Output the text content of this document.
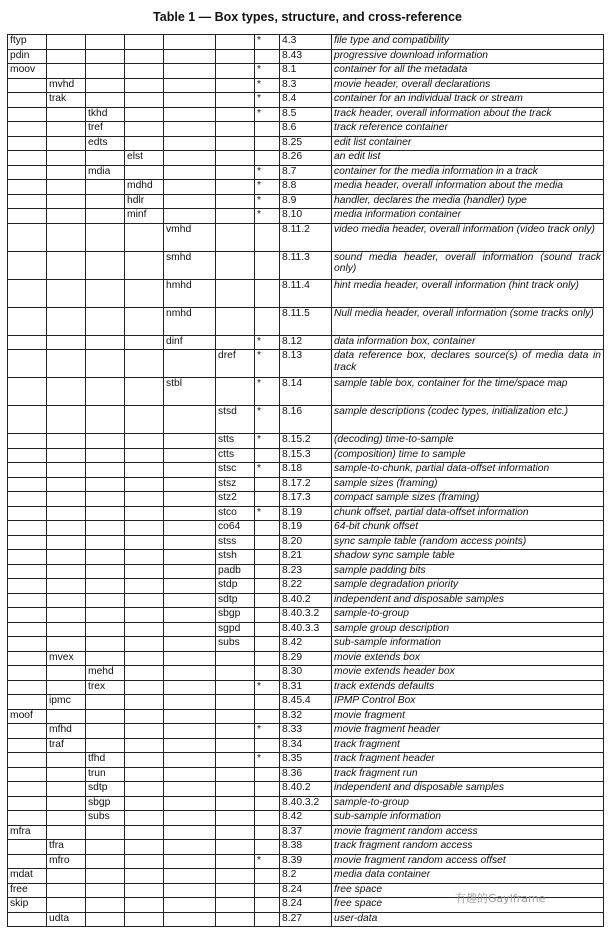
Table 1 — Box types, structure, and cross-reference
ftyp						*	4.3	file type and compatibility
pdin							8.43	progressive download information
moov						*	8.1	container for all the metadata
	mvhd					*	8.3	movie header, overall declarations
	trak					*	8.4	container for an individual track or stream
		tkhd				*	8.5	track header, overall information about the track
		tref					8.6	track reference container
		edts					8.25	edit list container
			elst				8.26	an edit list
		mdia				*	8.7	container for the media information in a track
			mdhd			*	8.8	media header, overall information about the media
			hdlr			*	8.9	handler, declares the media (handler) type
			minf			*	8.10	media information container
				vmhd			8.11.2	video media header, overall information (video track only)
				smhd			8.11.3	sound media header, overall information (sound track only)
				hmhd			8.11.4	hint media header, overall information (hint track only)
				nmhd			8.11.5	Null media header, overall information (some tracks only)
				dinf		*	8.12	data information box, container
					dref	*	8.13	data reference box, declares source(s) of media data in track
				stbl		*	8.14	sample table box, container for the time/space map
					stsd	*	8.16	sample descriptions (codec types, initialization etc.)
					stts	*	8.15.2	(decoding) time-to-sample
					ctts		8.15.3	(composition) time to sample
					stsc	*	8.18	sample-to-chunk, partial data-offset information
					stsz		8.17.2	sample sizes (framing)
					stz2		8.17.3	compact sample sizes (framing)
					stco	*	8.19	chunk offset, partial data-offset information
					co64		8.19	64-bit chunk offset
					stss		8.20	sync sample table (random access points)
					stsh		8.21	shadow sync sample table
					padb		8.23	sample padding bits
					stdp		8.22	sample degradation priority
					sdtp		8.40.2	independent and disposable samples
					sbgp		8.40.3.2	sample-to-group
					sgpd		8.40.3.3	sample group description
					subs		8.42	sub-sample information
	mvex						8.29	movie extends box
		mehd					8.30	movie extends header box
		trex				*	8.31	track extends defaults
	ipmc						8.45.4	IPMP Control Box
moof							8.32	movie fragment
	mfhd					*	8.33	movie fragment header
	traf						8.34	track fragment
		tfhd				*	8.35	track fragment header
		trun					8.36	track fragment run
		sdtp					8.40.2	independent and disposable samples
		sbgp					8.40.3.2	sample-to-group
		subs					8.42	sub-sample information
mfra							8.37	movie fragment random access
	tfra						8.38	track fragment random access
	mfro					*	8.39	movie fragment random access offset
mdat							8.2	media data container
free							8.24	free space
skip							8.24	free space
	udta						8.27	user-data
有趣的Gaylframe
